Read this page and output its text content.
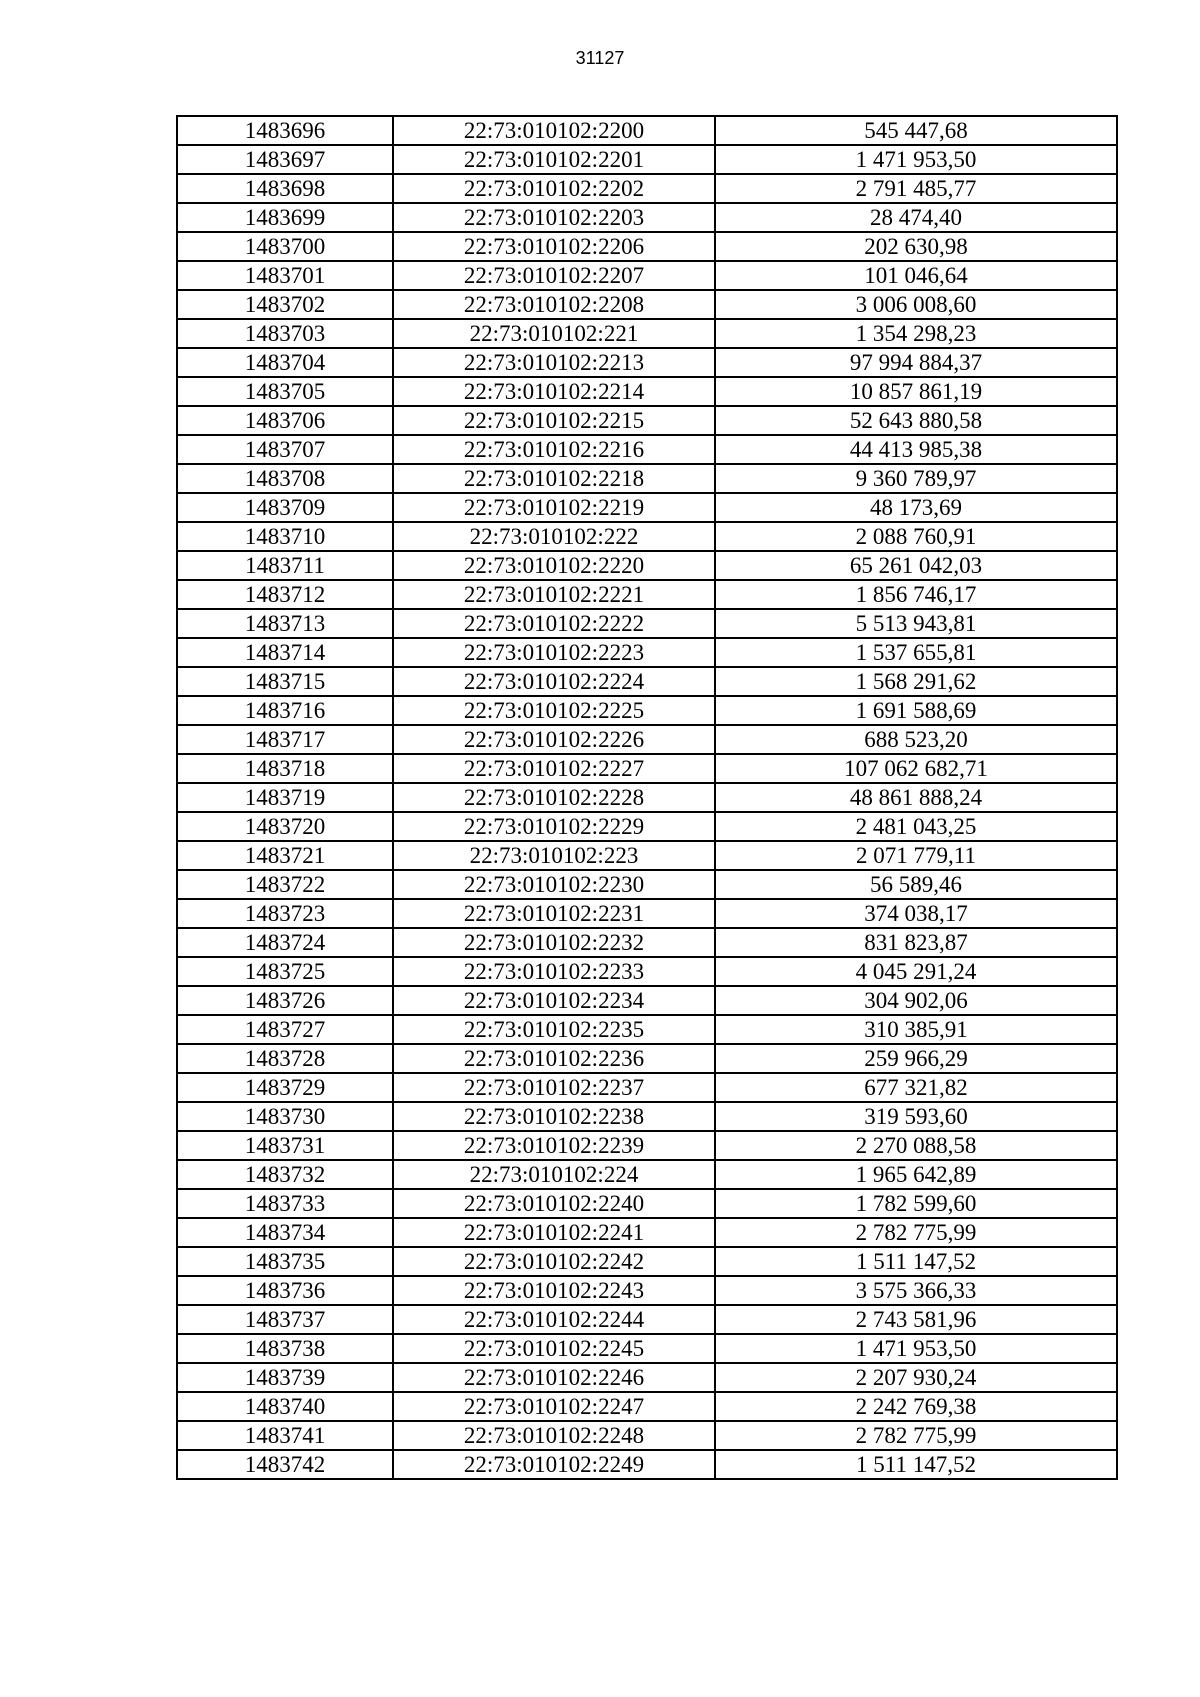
31127
1483696	22:73:010102:2200	545 447,68
1483697	22:73:010102:2201	1 471 953,50
1483698	22:73:010102:2202	2 791 485,77
1483699	22:73:010102:2203	28 474,40
1483700	22:73:010102:2206	202 630,98
1483701	22:73:010102:2207	101 046,64
1483702	22:73:010102:2208	3 006 008,60
1483703	22:73:010102:221	1 354 298,23
1483704	22:73:010102:2213	97 994 884,37
1483705	22:73:010102:2214	10 857 861,19
1483706	22:73:010102:2215	52 643 880,58
1483707	22:73:010102:2216	44 413 985,38
1483708	22:73:010102:2218	9 360 789,97
1483709	22:73:010102:2219	48 173,69
1483710	22:73:010102:222	2 088 760,91
1483711	22:73:010102:2220	65 261 042,03
1483712	22:73:010102:2221	1 856 746,17
1483713	22:73:010102:2222	5 513 943,81
1483714	22:73:010102:2223	1 537 655,81
1483715	22:73:010102:2224	1 568 291,62
1483716	22:73:010102:2225	1 691 588,69
1483717	22:73:010102:2226	688 523,20
1483718	22:73:010102:2227	107 062 682,71
1483719	22:73:010102:2228	48 861 888,24
1483720	22:73:010102:2229	2 481 043,25
1483721	22:73:010102:223	2 071 779,11
1483722	22:73:010102:2230	56 589,46
1483723	22:73:010102:2231	374 038,17
1483724	22:73:010102:2232	831 823,87
1483725	22:73:010102:2233	4 045 291,24
1483726	22:73:010102:2234	304 902,06
1483727	22:73:010102:2235	310 385,91
1483728	22:73:010102:2236	259 966,29
1483729	22:73:010102:2237	677 321,82
1483730	22:73:010102:2238	319 593,60
1483731	22:73:010102:2239	2 270 088,58
1483732	22:73:010102:224	1 965 642,89
1483733	22:73:010102:2240	1 782 599,60
1483734	22:73:010102:2241	2 782 775,99
1483735	22:73:010102:2242	1 511 147,52
1483736	22:73:010102:2243	3 575 366,33
1483737	22:73:010102:2244	2 743 581,96
1483738	22:73:010102:2245	1 471 953,50
1483739	22:73:010102:2246	2 207 930,24
1483740	22:73:010102:2247	2 242 769,38
1483741	22:73:010102:2248	2 782 775,99
1483742	22:73:010102:2249	1 511 147,52
